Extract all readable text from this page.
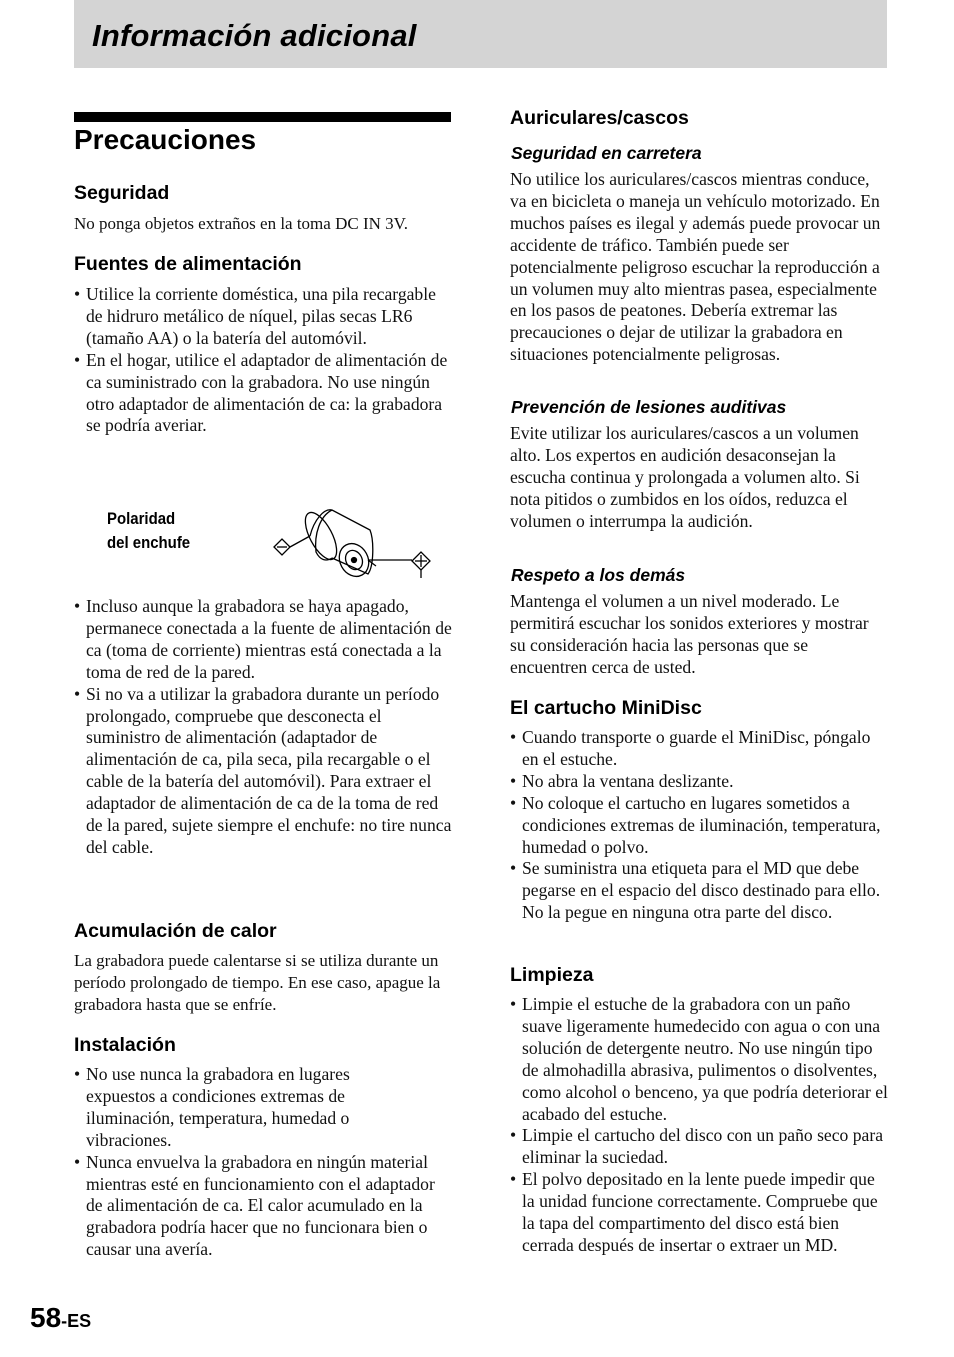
Información adicional
Precauciones
Seguridad

No ponga objetos extraños en la toma DC IN 3V.

Fuentes de alimentación
• Utilice la corriente doméstica, una pila recargable de hidruro metálico de níquel, pilas secas LR6 (tamaño AA) o la batería del automóvil.
• En el hogar, utilice el adaptador de alimentación de ca suministrado con la grabadora. No use ningún otro adaptador de alimentación de ca: la grabadora se podría averiar.
Polaridad
del enchufe
• Incluso aunque la grabadora se haya apagado, permanece conectada a la fuente de alimentación de ca (toma de corriente) mientras está conectada a la toma de red de la pared.
• Si no va a utilizar la grabadora durante un período prolongado, compruebe que desconecta el suministro de alimentación (adaptador de alimentación de ca, pila seca, pila recargable o el cable de la batería del automóvil). Para extraer el adaptador de alimentación de ca de la toma de red de la pared, sujete siempre el enchufe: no tire nunca del cable.
Acumulación de calor

La grabadora puede calentarse si se utiliza durante un período prolongado de tiempo. En ese caso, apague la grabadora hasta que se enfríe.

Instalación
• No use nunca la grabadora en lugares expuestos a condiciones extremas de iluminación, temperatura, humedad o vibraciones.
• Nunca envuelva la grabadora en ningún material mientras esté en funcionamiento con el adaptador de alimentación de ca. El calor acumulado en la grabadora podría hacer que no funcionara bien o causar una avería.
Auriculares/cascos
Seguridad en carretera

No utilice los auriculares/cascos mientras conduce, va en bicicleta o maneja un vehículo motorizado. En muchos países es ilegal y además puede provocar un accidente de tráfico. También puede ser potencialmente peligroso escuchar la reproducción a un volumen muy alto mientras pasea, especialmente en los pasos de peatones. Debería extremar las precauciones o dejar de utilizar la grabadora en situaciones potencialmente peligrosas.

Prevención de lesiones auditivas

Evite utilizar los auriculares/cascos a un volumen alto. Los expertos en audición desaconsejan la escucha continua y prolongada a volumen alto. Si nota pitidos o zumbidos en los oídos, reduzca el volumen o interrumpa la audición.

Respeto a los demás

Mantenga el volumen a un nivel moderado. Le permitirá escuchar los sonidos exteriores y mostrar su consideración hacia las personas que se encuentren cerca de usted.

El cartucho MiniDisc
• Cuando transporte o guarde el MiniDisc, póngalo en el estuche.
• No abra la ventana deslizante.
• No coloque el cartucho en lugares sometidos a condiciones extremas de iluminación, temperatura, humedad o polvo.
• Se suministra una etiqueta para el MD que debe pegarse en el espacio del disco destinado para ello. No la pegue en ninguna otra parte del disco.
Limpieza
• Limpie el estuche de la grabadora con un paño suave ligeramente humedecido con agua o con una solución de detergente neutro. No use ningún tipo de almohadilla abrasiva, pulimentos o disolventes, como alcohol o benceno, ya que podría deteriorar el acabado del estuche.
• Limpie el cartucho del disco con un paño seco para eliminar la suciedad.
• El polvo depositado en la lente puede impedir que la unidad funcione correctamente. Compruebe que la tapa del compartimento del disco está bien cerrada después de insertar o extraer un MD.

58-ES
